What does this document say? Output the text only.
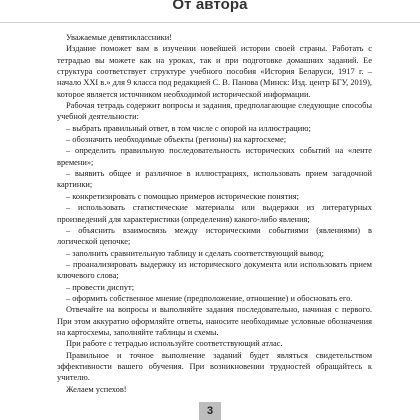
От автора

Уважаемые девятиклассники!

Издание поможет вам в изучении новейшей истории своей страны. Работать с тетрадью вы можете как на уроках, так и при подготовке домашних заданий. Ее структура соответствует структуре учебного пособия «История Беларуси, 1917 г. – начало XXI в.» для 9 класса под редакцией С. В. Панова (Минск: Изд. центр БГУ, 2019), которое является источником необходимой исторической информации.

Рабочая тетрадь содержит вопросы и задания, предполагающие следующие способы учебной деятельности:

– выбрать правильный ответ, в том числе с опорой на иллюстрацию;

– обозначить необходимые объекты (регионы) на картосхеме;

– определить правильную последовательность исторических событий на «ленте времени»;

– выявить общее и различное в иллюстрациях, использовать прием загадочной картинки;

– конкретизировать с помощью примеров исторические понятия;

– использовать статистические материалы или выдержки из литературных произведений для характеристики (определения) какого-либо явления;

– объяснить взаимосвязь между историческими событиями (явлениями) в логической цепочке;

– заполнить сравнительную таблицу и сделать соответствующий вывод;

– проанализировать выдержку из исторического документа или использовать прием ключевого слова;

– провести диспут;

– оформить собственное мнение (предположение, отношение) и обосновать его.

Отвечайте на вопросы и выполняйте задания последовательно, начиная с первого. При этом аккуратно оформляйте ответы, наносите необходимые условные обозначения на картосхемы, заполняйте таблицы и схемы.

При работе с тетрадью используйте соответствующий атлас.

Правильное и точное выполнение заданий будет являться свидетельством эффективности вашего обучения. При возникновении трудностей обращайтесь к учителю.

Желаем успехов!

3
